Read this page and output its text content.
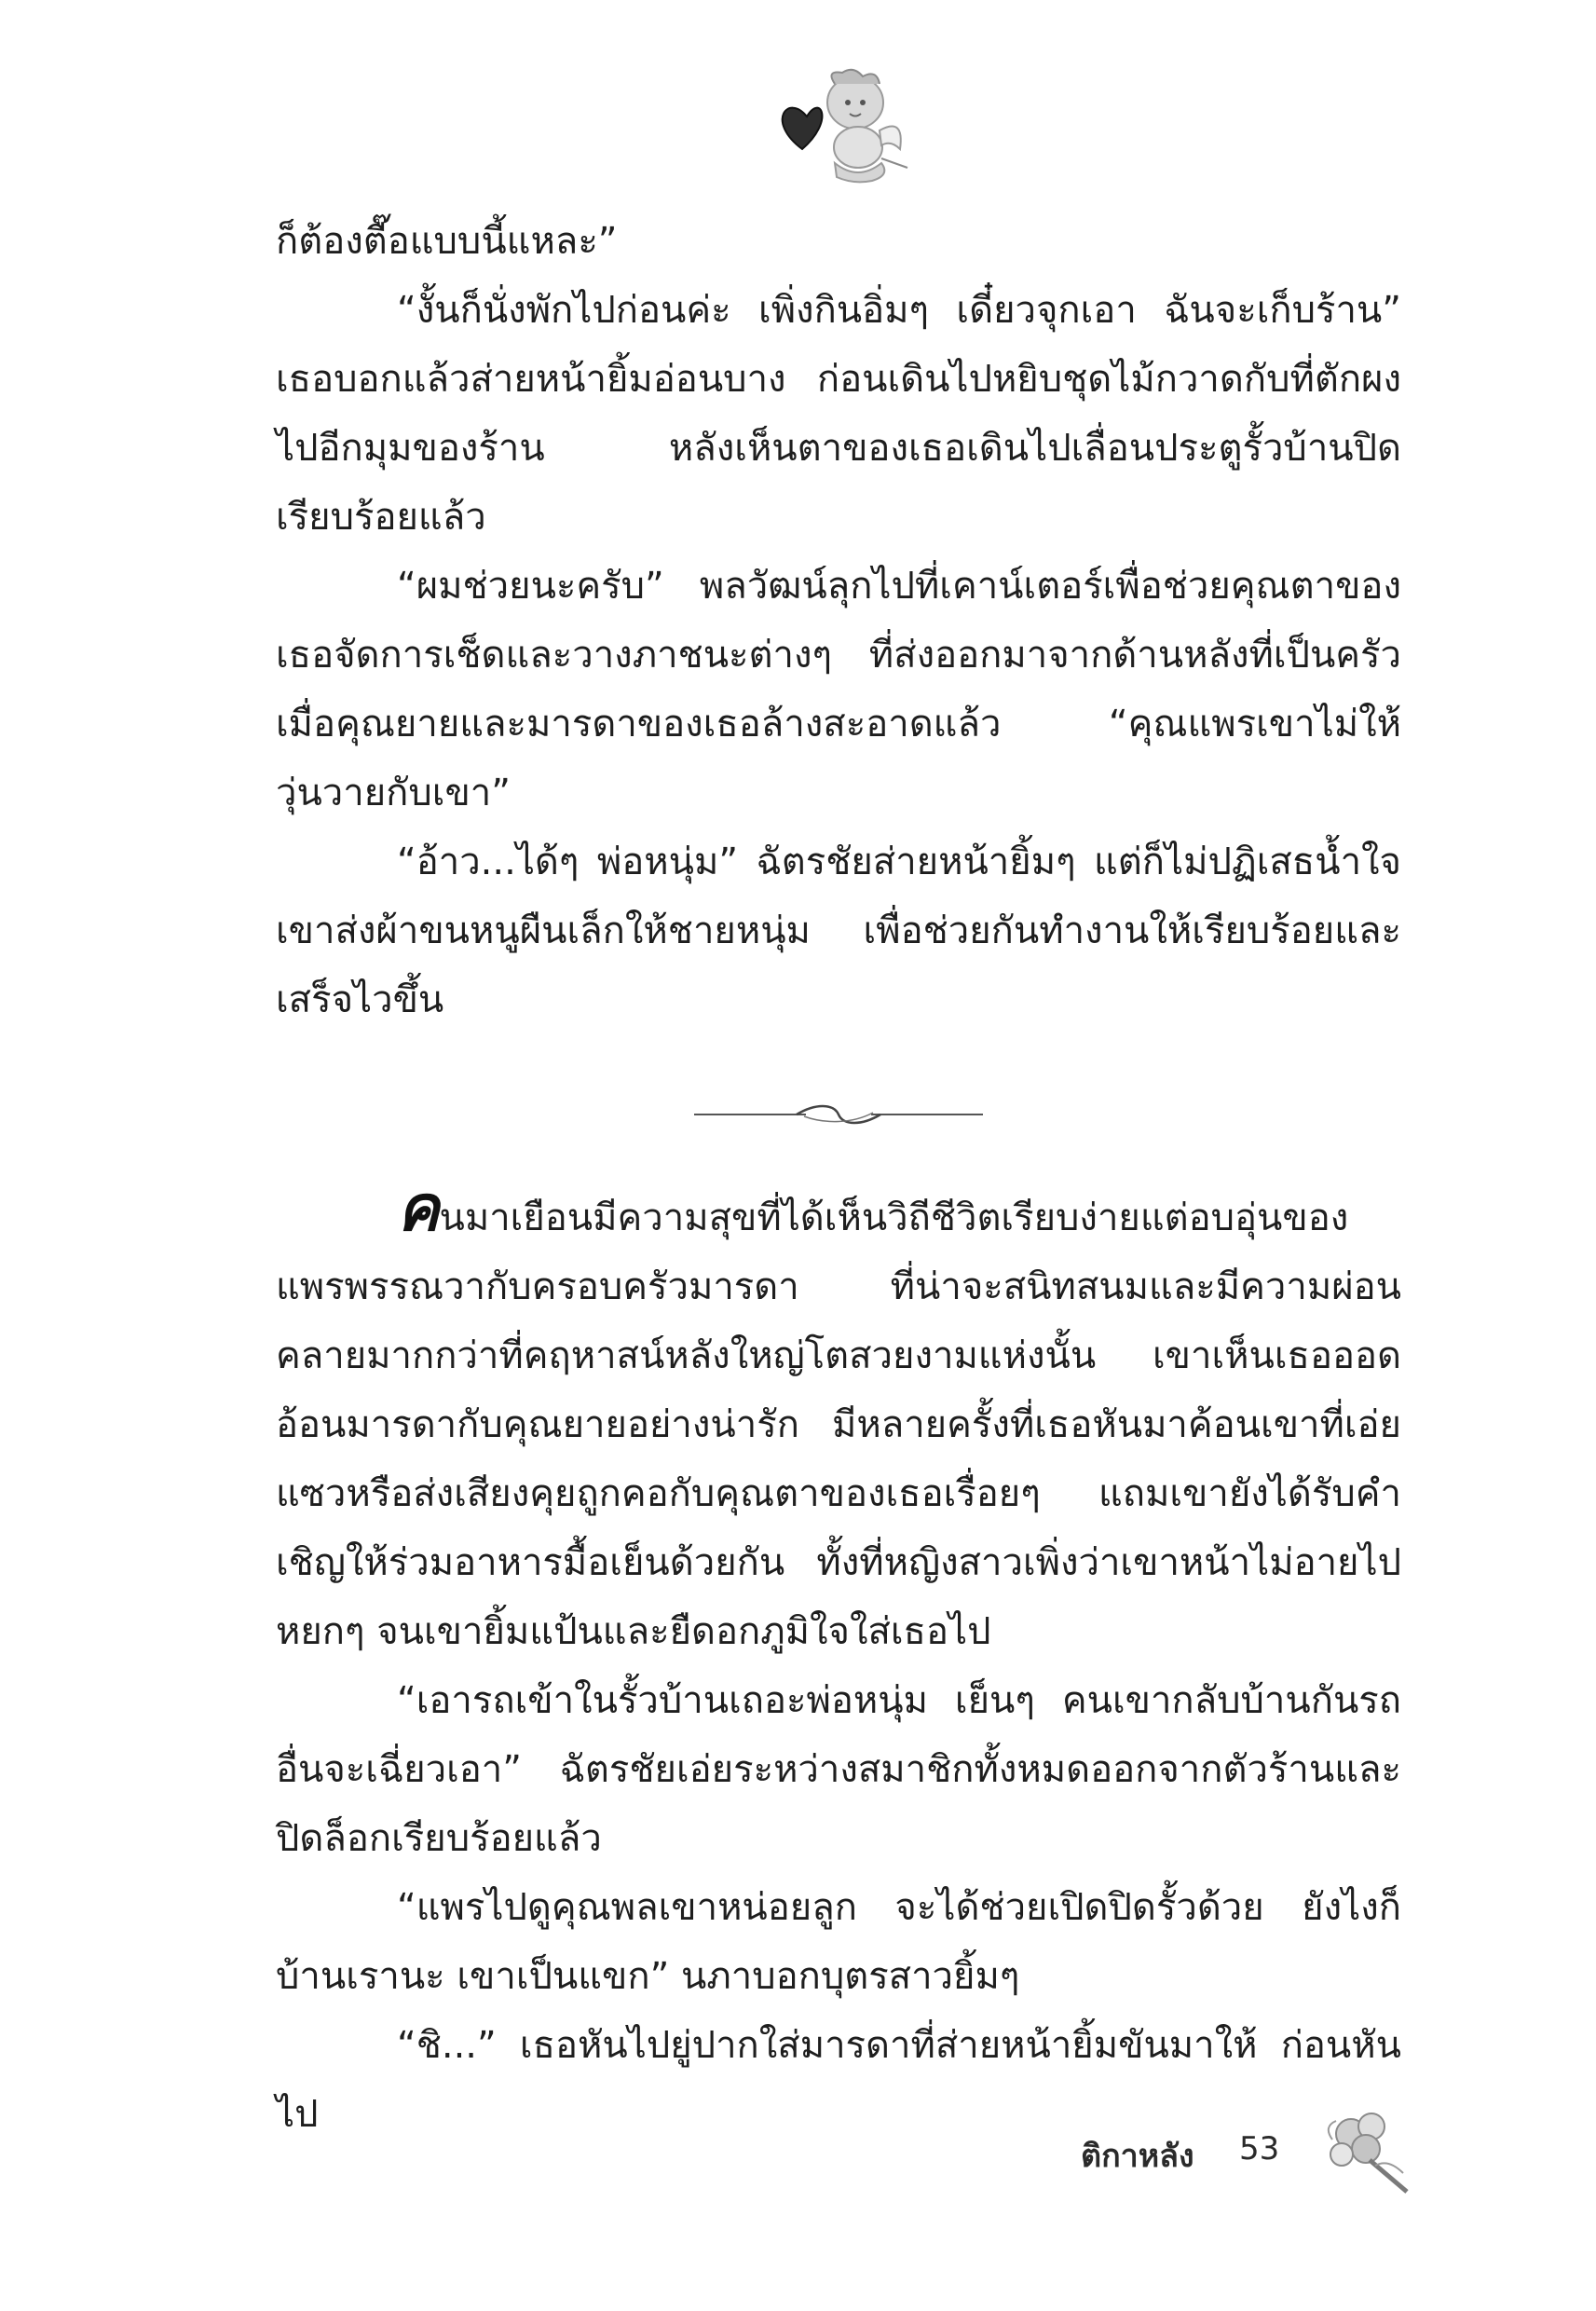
ก็ต้องตื๊อแบบนี้แหละ”

“งั้นก็นั่งพักไปก่อนค่ะ เพิ่งกินอิ่มๆ เดี๋ยวจุกเอา ฉันจะเก็บร้าน” เธอบอกแล้วส่ายหน้ายิ้มอ่อนบาง ก่อนเดินไปหยิบชุดไม้กวาดกับที่ตักผงไปอีกมุมของร้าน หลังเห็นตาของเธอเดินไปเลื่อนประตูรั้วบ้านปิดเรียบร้อยแล้ว

“ผมช่วยนะครับ” พลวัฒน์ลุกไปที่เคาน์เตอร์เพื่อช่วยคุณตาของเธอจัดการเช็ดและวางภาชนะต่างๆ ที่ส่งออกมาจากด้านหลังที่เป็นครัว เมื่อคุณยายและมารดาของเธอล้างสะอาดแล้ว “คุณแพรเขาไม่ให้วุ่นวายกับเขา”

“อ้าว...ได้ๆ พ่อหนุ่ม” ฉัตรชัยส่ายหน้ายิ้มๆ แต่ก็ไม่ปฏิเสธน้ำใจ เขาส่งผ้าขนหนูผืนเล็กให้ชายหนุ่ม เพื่อช่วยกันทำงานให้เรียบร้อยและเสร็จไวขึ้น

คนมาเยือนมีความสุขที่ได้เห็นวิถีชีวิตเรียบง่ายแต่อบอุ่นของแพรพรรณวากับครอบครัวมารดา ที่น่าจะสนิทสนมและมีความผ่อนคลายมากกว่าที่คฤหาสน์หลังใหญ่โตสวยงามแห่งนั้น เขาเห็นเธอออดอ้อนมารดากับคุณยายอย่างน่ารัก มีหลายครั้งที่เธอหันมาค้อนเขาที่เอ่ยแซวหรือส่งเสียงคุยถูกคอกับคุณตาของเธอเรื่อยๆ แถมเขายังได้รับคำเชิญให้ร่วมอาหารมื้อเย็นด้วยกัน ทั้งที่หญิงสาวเพิ่งว่าเขาหน้าไม่อายไปหยกๆ จนเขายิ้มแป้นและยืดอกภูมิใจใส่เธอไป

“เอารถเข้าในรั้วบ้านเถอะพ่อหนุ่ม เย็นๆ คนเขากลับบ้านกันรถอื่นจะเฉี่ยวเอา” ฉัตรชัยเอ่ยระหว่างสมาชิกทั้งหมดออกจากตัวร้านและปิดล็อกเรียบร้อยแล้ว

“แพรไปดูคุณพลเขาหน่อยลูก จะได้ช่วยเปิดปิดรั้วด้วย ยังไงก็บ้านเรานะ เขาเป็นแขก” นภาบอกบุตรสาวยิ้มๆ

“ชิ...” เธอหันไปยู่ปากใส่มารดาที่ส่ายหน้ายิ้มขันมาให้ ก่อนหันไป

ติกาหลัง 53
